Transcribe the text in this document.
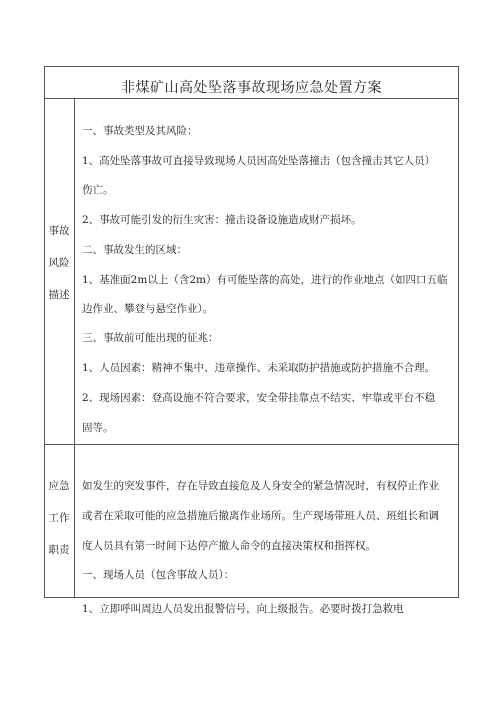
非煤矿山高处坠落事故现场应急处置方案
事故
风险
描述
一、事故类型及其风险：
1、高处坠落事故可直接导致现场人员因高处坠落撞击（包含撞击其它人员）
伤亡。
2、事故可能引发的衍生灾害：撞击设备设施造成财产损坏。
二、事故发生的区域：
1、基准面2m以上（含2m）有可能坠落的高处，进行的作业地点（如四口五临
边作业、攀登与悬空作业）。
三、事故前可能出现的征兆：
1、人员因素：精神不集中、违章操作、未采取防护措施或防护措施不合理。
2、现场因素：登高设施不符合要求，安全带挂靠点不结实、牢靠或平台不稳
固等。
应急
工作
职责
如发生的突发事件，存在导致直接危及人身安全的紧急情况时，有权停止作业
或者在采取可能的应急措施后撤离作业场所。生产现场带班人员、班组长和调
度人员具有第一时间下达停产撤人命令的直接决策权和指挥权。
一、现场人员（包含事故人员）：
1、立即呼叫周边人员发出报警信号，向上级报告。必要时拨打急救电
